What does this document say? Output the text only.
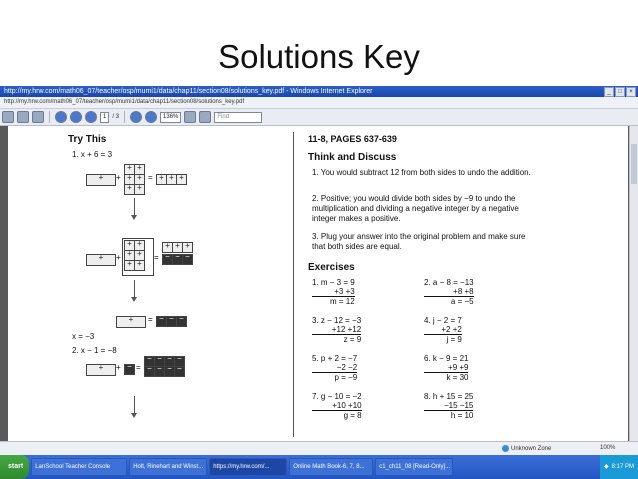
Solutions Key
http://my.hrw.com/math06_07/teacher/osp/mumi1/data/chap11/section08/solutions_key.pdf - Windows Internet Explorer	_	□	×
http://my.hrw.com/math06_07/teacher/osp/mumi1/data/chap11/section08/solutions_key.pdf
1	/ 3	136%	Find
Try This
1. x + 6 = 3
+
+
+
+ + +
+
+	=
+
+
+
+
+
+
+ + +
+
+	=
+
+
+
−
−
−
+
=
−
−
−
x = −3
2. x − 1 = −8
+
+ − =
−
−
−
−
−
−
−
−
11-8, PAGES 637-639
Think and Discuss
1. You would subtract 12 from both sides to undo the addition.
2. Positive; you would divide both sides by −9 to undo the multiplication and dividing a negative integer by a negative integer makes a positive.
3. Plug your answer into the original problem and make sure that both sides are equal.
Exercises
1. m − 3 = 9
+3 +3
m = 12
2. a − 8 = −13
+8 +8
a = −5
3. z − 12 = −3
+12 +12
z = 9
4. j − 2 = 7
+2 +2
j = 9
5. p + 2 = −7
−2 −2
p = −9
6. k − 9 = 21
+9 +9
k = 30
7. g − 10 = −2
+10 +10
g = 8
8. h + 15 = 25
−15 −15
h = 10
Unknown Zone	100%
start	LanSchool Teacher Console	Holt, Rinehart and Winst...	https://my.hrw.com/...	Online Math Book-6, 7, 8...	c1_ch11_08 [Read-Only]...	◆ 8:17 PM
